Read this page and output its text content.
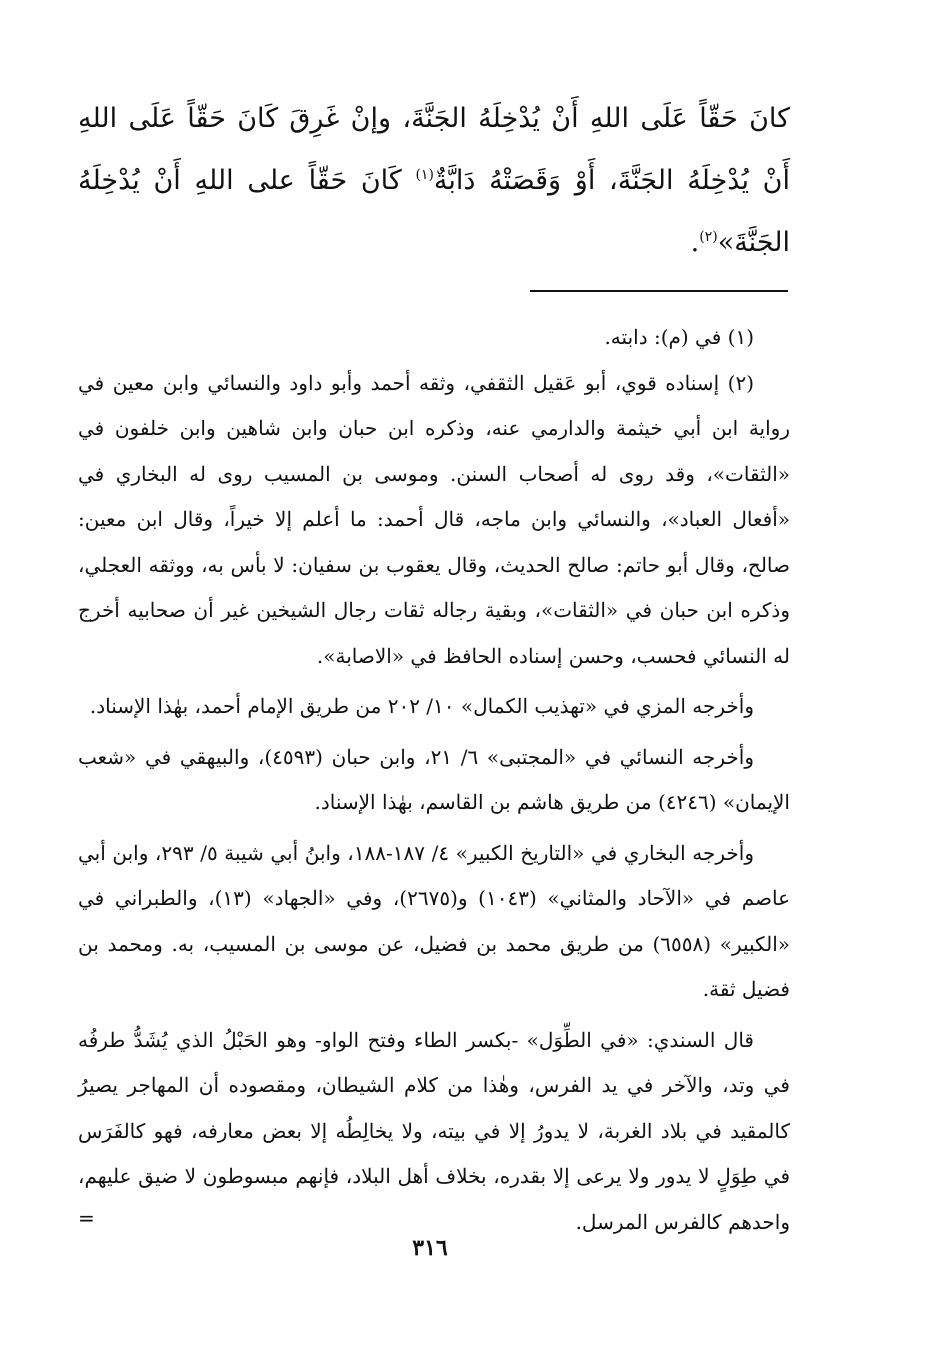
كانَ حَقّاً عَلَى اللهِ أَنْ يُدْخِلَهُ الجَنَّةَ، وإنْ غَرِقَ كَانَ حَقّاً عَلَى اللهِ أَنْ يُدْخِلَهُ الجَنَّةَ، أَوْ وَقَصَتْهُ دَابَّةٌ$^{(١)}$ كَانَ حَقّاً على اللهِ أَنْ يُدْخِلَهُ الجَنَّةَ»$^{(٢)}$.

(١) في (م): دابته.

(٢) إسناده قوي، أبو عَقيل الثقفي، وثقه أحمد وأبو داود والنسائي وابن معين في رواية ابن أبي خيثمة والدارمي عنه، وذكره ابن حبان وابن شاهين وابن خلفون في «الثقات»، وقد روى له أصحاب السنن. وموسى بن المسيب روى له البخاري في «أفعال العباد»، والنسائي وابن ماجه، قال أحمد: ما أعلم إلا خيراً، وقال ابن معين: صالح، وقال أبو حاتم: صالح الحديث، وقال يعقوب بن سفيان: لا بأس به، ووثقه العجلي، وذكره ابن حبان في «الثقات»، وبقية رجاله ثقات رجال الشيخين غير أن صحابيه أخرج له النسائي فحسب، وحسن إسناده الحافظ في «الاصابة».

وأخرجه المزي في «تهذيب الكمال» ١٠/ ٢٠٢ من طريق الإمام أحمد، بهٰذا الإسناد.

وأخرجه النسائي في «المجتبى» ٦/ ٢١، وابن حبان (٤٥٩٣)، والبيهقي في «شعب الإيمان» (٤٢٤٦) من طريق هاشم بن القاسم، بهٰذا الإسناد.

وأخرجه البخاري في «التاريخ الكبير» ٤/ ١٨٧-١٨٨، وابنُ أبي شيبة ٥/ ٢٩٣، وابن أبي عاصم في «الآحاد والمثاني» (١٠٤٣) و(٢٦٧٥)، وفي «الجهاد» (١٣)، والطبراني في «الكبير» (٦٥٥٨) من طريق محمد بن فضيل، عن موسى بن المسيب، به. ومحمد بن فضيل ثقة.

قال السندي: «في الطِّوَل» -بكسر الطاء وفتح الواو- وهو الحَبْلُ الذي يُشَدُّ طرفُه في وتد، والآخر في يد الفرس، وهٰذا من كلام الشيطان، ومقصوده أن المهاجر يصيرُ كالمقيد في بلاد الغربة، لا يدورُ إلا في بيته، ولا يخالِطُه إلا بعض معارفه، فهو كالفَرَس في طِوَلٍ لا يدور ولا يرعى إلا بقدره، بخلاف أهل البلاد، فإنهم مبسوطون لا ضيق عليهم، واحدهم كالفرس المرسل.

=
٣١٦
